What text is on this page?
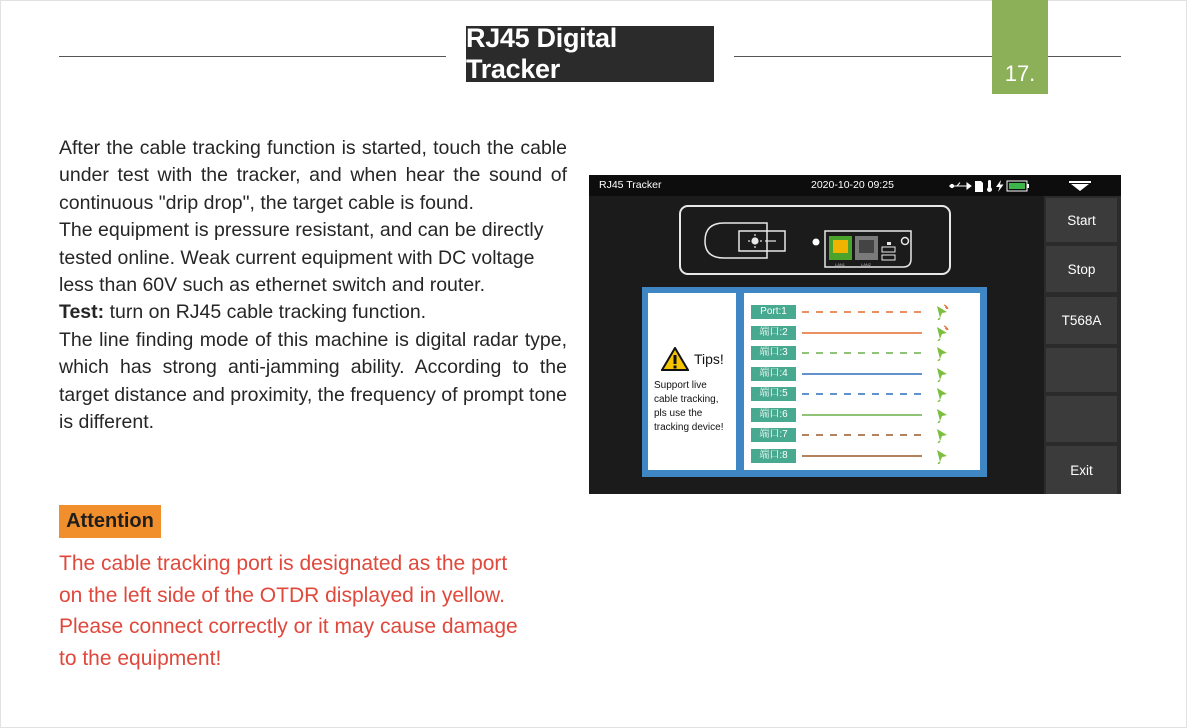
RJ45 Digital Tracker	17.

After the cable tracking function is started, touch the cable under test with the tracker, and when hear the sound of continuous "drip drop", the target cable is found.

The equipment is pressure resistant, and can be directly tested online. Weak current equipment with DC voltage less than 60V such as ethernet switch and router.

Test: turn on RJ45 cable tracking function.

The line finding mode of this machine is digital radar type, which has strong anti-jamming ability. According to the target distance and proximity, the frequency of prompt tone is different.

Attention
The cable tracking port is designated as the port
on the left side of the OTDR displayed in yellow.
Please connect correctly or it may cause damage
to the equipment!
RJ45 Tracker	2020-10-20 09:25
Start
Stop
T568A
Exit
LAN1	LAN2
Tips!
Support live
cable tracking,
pls use the
tracking device!
Port:1
端口:2
端口:3
端口:4
端口:5
端口:6
端口:7
端口:8
